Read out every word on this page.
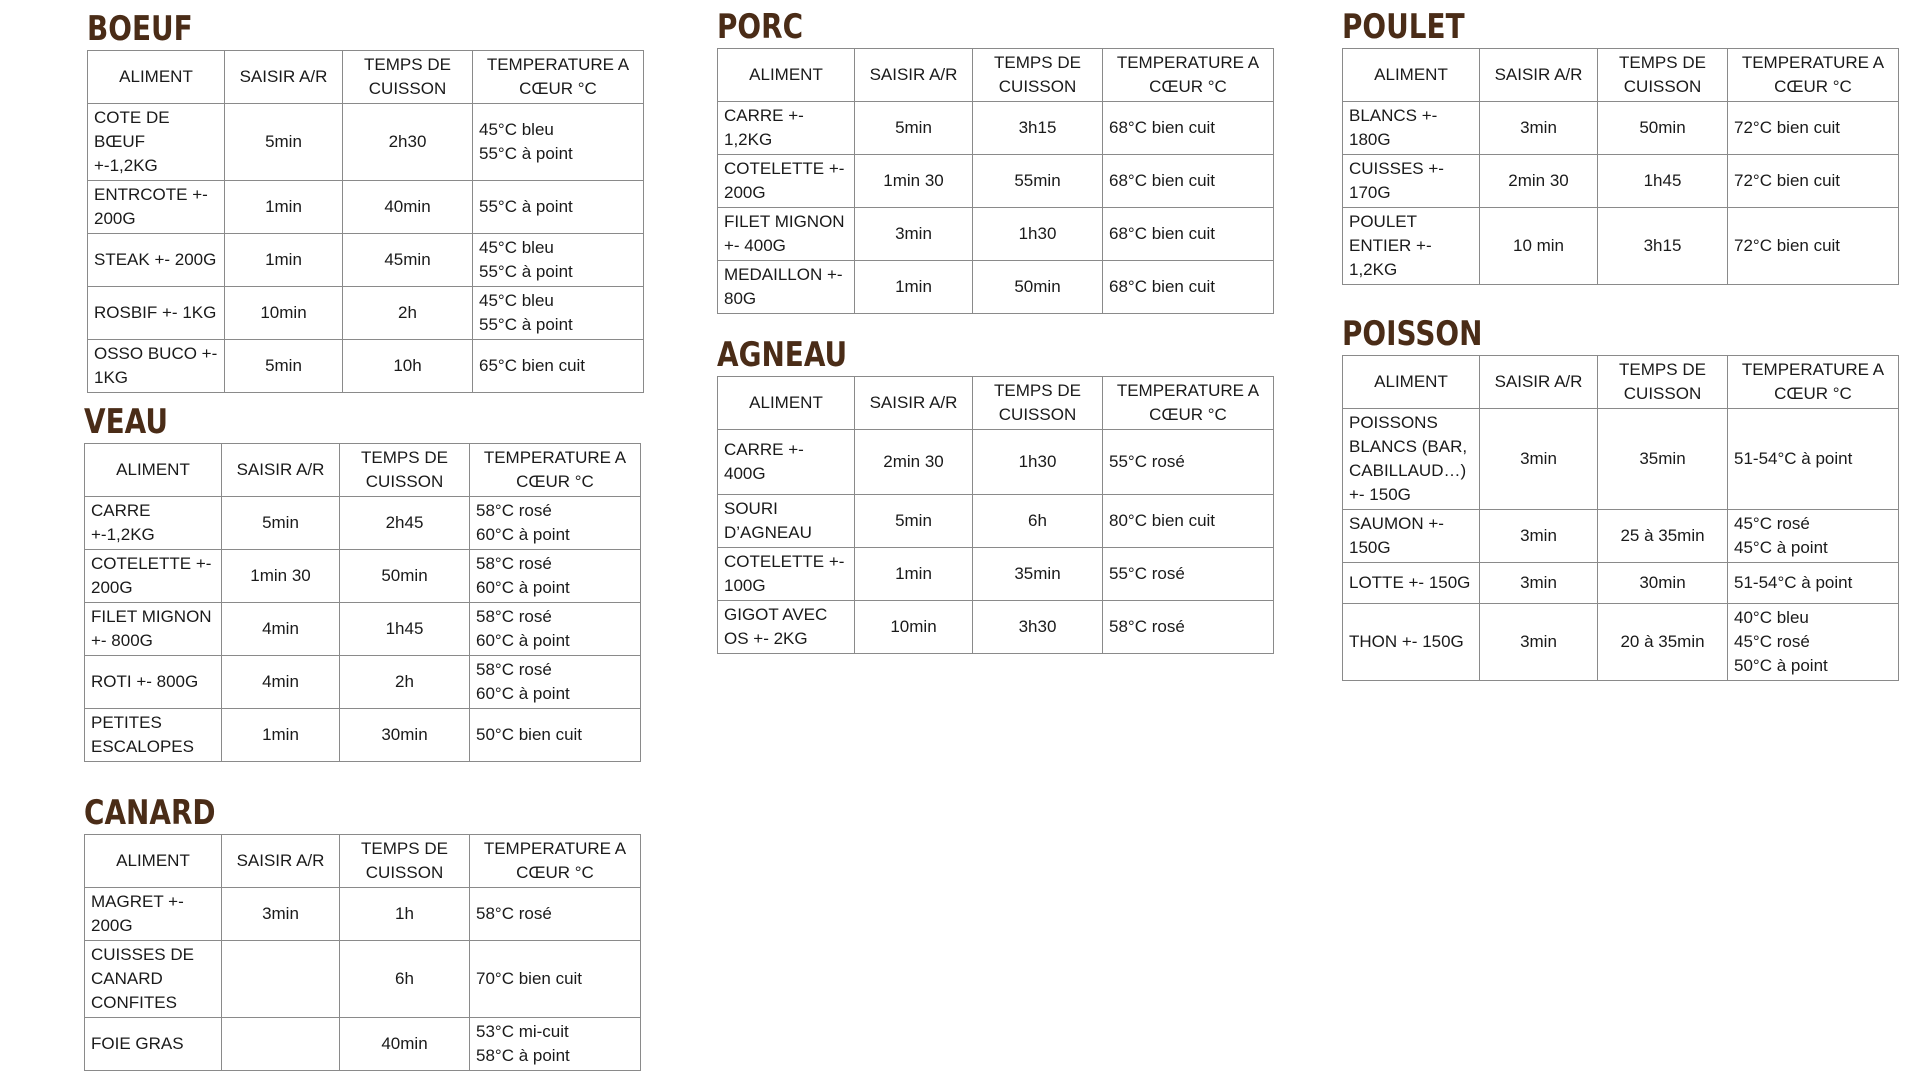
BOEUF
ALIMENT	SAISIR A/R	TEMPS DE
CUISSON	TEMPERATURE A
CŒUR °C

COTE DE BŒUF
+-1,2KG	5min	2h30	45°C bleu
55°C à point

ENTRCOTE +-
200G	1min	40min	55°C à point

STEAK +- 200G	1min	45min	45°C bleu
55°C à point

ROSBIF +- 1KG	10min	2h	45°C bleu
55°C à point

OSSO BUCO +-
1KG	5min	10h	65°C bien cuit
VEAU
ALIMENT	SAISIR A/R	TEMPS DE
CUISSON	TEMPERATURE A
CŒUR °C

CARRE +-1,2KG	5min	2h45	58°C rosé
60°C à point

COTELETTE +-
200G	1min 30	50min	58°C rosé
60°C à point

FILET MIGNON
+- 800G	4min	1h45	58°C rosé
60°C à point

ROTI +- 800G	4min	2h	58°C rosé
60°C à point

PETITES
ESCALOPES	1min	30min	50°C bien cuit
CANARD
ALIMENT	SAISIR A/R	TEMPS DE
CUISSON	TEMPERATURE A
CŒUR °C

MAGRET +-
200G	3min	1h	58°C rosé

CUISSES DE
CANARD
CONFITES		6h	70°C bien cuit

FOIE GRAS		40min	53°C mi-cuit
58°C à point
PORC
ALIMENT	SAISIR A/R	TEMPS DE
CUISSON	TEMPERATURE A
CŒUR °C

CARRE +-
1,2KG	5min	3h15	68°C bien cuit

COTELETTE +-
200G	1min 30	55min	68°C bien cuit

FILET MIGNON
+- 400G	3min	1h30	68°C bien cuit

MEDAILLON +-
80G	1min	50min	68°C bien cuit
AGNEAU
ALIMENT	SAISIR A/R	TEMPS DE
CUISSON	TEMPERATURE A
CŒUR °C

CARRE +- 400G	2min 30	1h30	55°C rosé

SOURI
D’AGNEAU	5min	6h	80°C bien cuit

COTELETTE +-
100G	1min	35min	55°C rosé

GIGOT AVEC
OS +- 2KG	10min	3h30	58°C rosé
POULET
ALIMENT	SAISIR A/R	TEMPS DE
CUISSON	TEMPERATURE A
CŒUR °C

BLANCS +-
180G	3min	50min	72°C bien cuit

CUISSES +-
170G	2min 30	1h45	72°C bien cuit

POULET
ENTIER +-
1,2KG	10 min	3h15	72°C bien cuit
POISSON
ALIMENT	SAISIR A/R	TEMPS DE
CUISSON	TEMPERATURE A
CŒUR °C

POISSONS
BLANCS (BAR,
CABILLAUD…)
+- 150G	3min	35min	51-54°C à point

SAUMON +-
150G	3min	25 à 35min	45°C rosé
45°C à point

LOTTE +- 150G	3min	30min	51-54°C à point

THON +- 150G	3min	20 à 35min	40°C bleu
45°C rosé
50°C à point
